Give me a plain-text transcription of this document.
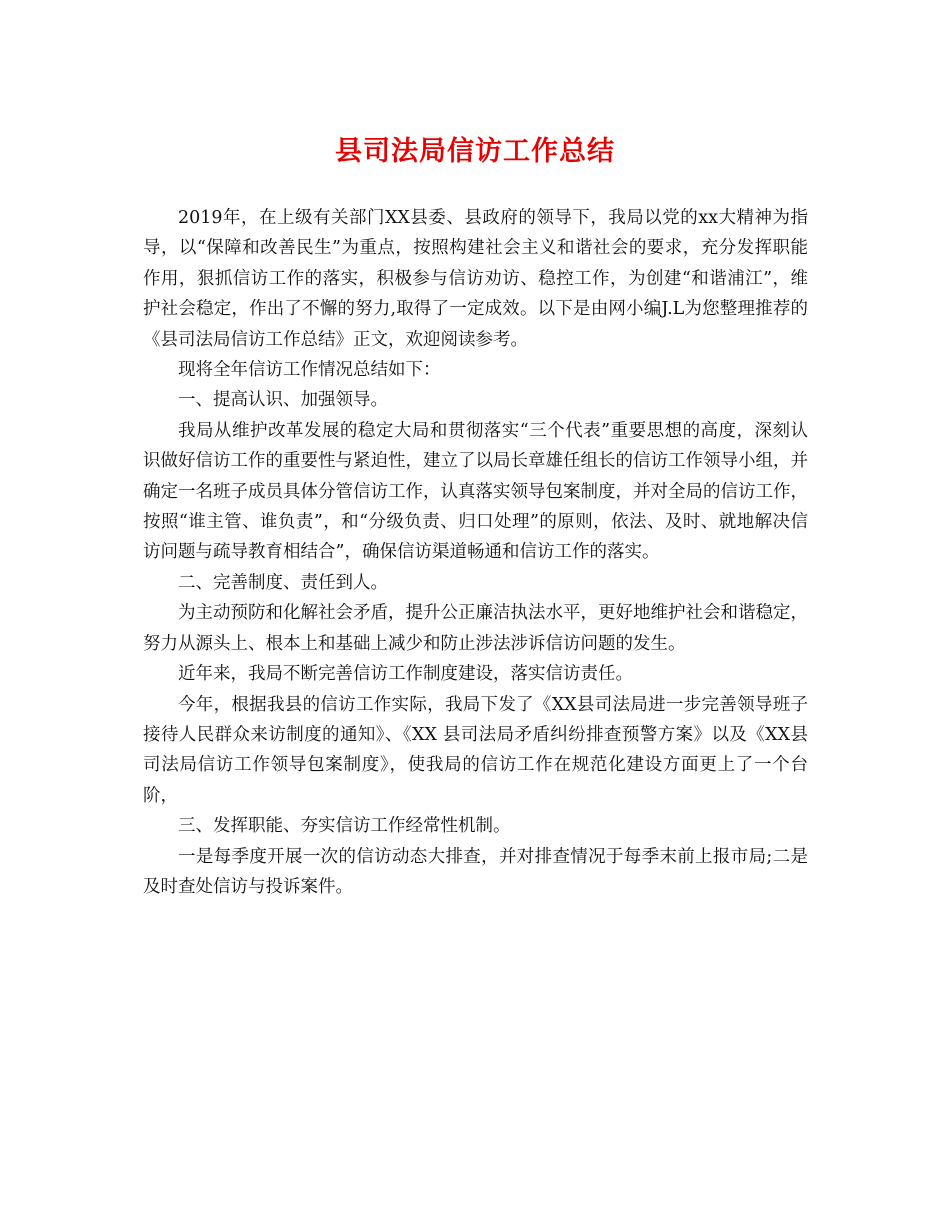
县司法局信访工作总结

2019年，在上级有关部门XX县委、县政府的领导下，我局以党的xx大精神为指导，以“保障和改善民生”为重点，按照构建社会主义和谐社会的要求，充分发挥职能作用，狠抓信访工作的落实，积极参与信访劝访、稳控工作，为创建“和谐浦江”，维护社会稳定，作出了不懈的努力,取得了一定成效。以下是由网小编J.L为您整理推荐的《县司法局信访工作总结》正文，欢迎阅读参考。

现将全年信访工作情况总结如下：

一、提高认识、加强领导。

我局从维护改革发展的稳定大局和贯彻落实“三个代表”重要思想的高度，深刻认识做好信访工作的重要性与紧迫性，建立了以局长章雄任组长的信访工作领导小组，并确定一名班子成员具体分管信访工作，认真落实领导包案制度，并对全局的信访工作，按照“谁主管、谁负责”，和“分级负责、归口处理”的原则，依法、及时、就地解决信访问题与疏导教育相结合”，确保信访渠道畅通和信访工作的落实。

二、完善制度、责任到人。

为主动预防和化解社会矛盾，提升公正廉洁执法水平，更好地维护社会和谐稳定，努力从源头上、根本上和基础上减少和防止涉法涉诉信访问题的发生。

近年来，我局不断完善信访工作制度建设，落实信访责任。

今年，根据我县的信访工作实际，我局下发了《XX县司法局进一步完善领导班子接待人民群众来访制度的通知》、《XX 县司法局矛盾纠纷排查预警方案》以及《XX县司法局信访工作领导包案制度》，使我局的信访工作在规范化建设方面更上了一个台阶，

三、发挥职能、夯实信访工作经常性机制。

一是每季度开展一次的信访动态大排查，并对排查情况于每季末前上报市局;二是及时查处信访与投诉案件。
